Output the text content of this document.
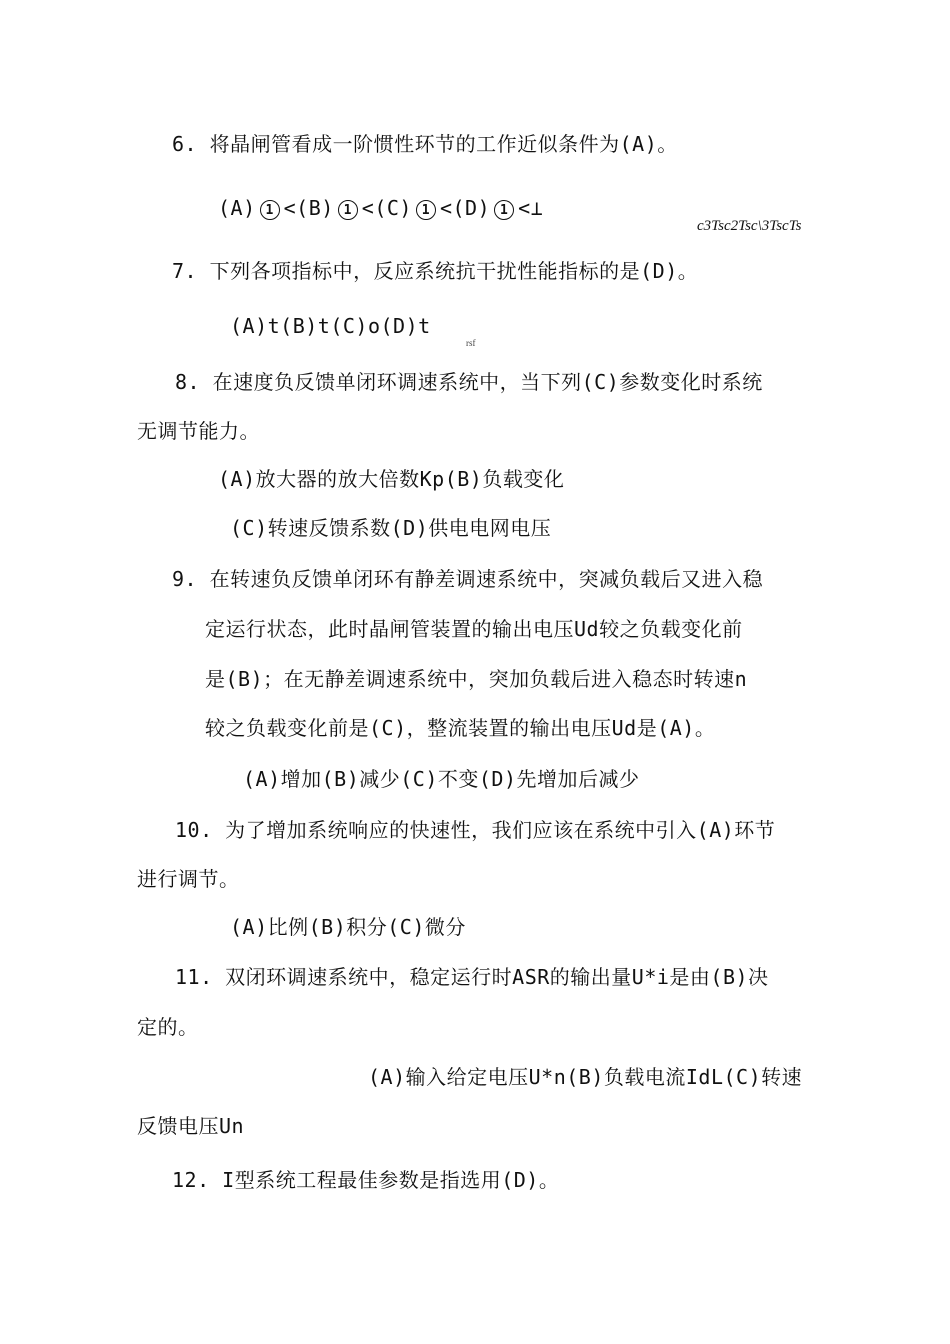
6. 将晶闸管看成一阶惯性环节的工作近似条件为(A)。
(A) 1 <(B) 1 <(C) 1 <(D) 1 <⊥
c3Tsc2Tsc\3TscTs
7. 下列各项指标中，反应系统抗干扰性能指标的是(D)。
(A)t(B)t(C)o(D)t
rsf
8. 在速度负反馈单闭环调速系统中，当下列(C)参数变化时系统
无调节能力。
(A)放大器的放大倍数Kp(B)负载变化
(C)转速反馈系数(D)供电电网电压
9. 在转速负反馈单闭环有静差调速系统中，突减负载后又进入稳
定运行状态，此时晶闸管装置的输出电压Ud较之负载变化前
是(B)；在无静差调速系统中，突加负载后进入稳态时转速n
较之负载变化前是(C)，整流装置的输出电压Ud是(A)。
(A)增加(B)减少(C)不变(D)先增加后减少
10. 为了增加系统响应的快速性，我们应该在系统中引入(A)环节
进行调节。
(A)比例(B)积分(C)微分
11. 双闭环调速系统中，稳定运行时ASR的输出量U*i是由(B)决
定的。
(A)输入给定电压U*n(B)负载电流IdL(C)转速
反馈电压Un
12. I型系统工程最佳参数是指选用(D)。
